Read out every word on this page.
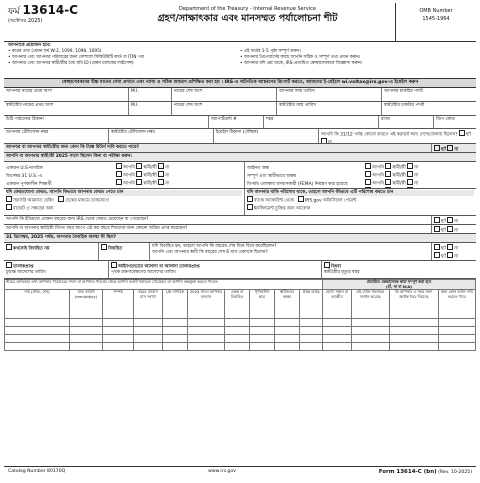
ফর্ম 13614-C
(অক্টোবর 2025)
Department of the Treasury - Internal Revenue Service
গ্রহণ/সাক্ষাৎকার এবং মানসম্মত পর্যালোচনা শীট
OMB Number
1545-1964
আপনাকে প্রয়োজন হবে:
• করের তথ্য (যেমন ফর্ম W-2, 1099, 1098, 1095)
• আপনার এবং আপনার পরিবারের জন্য সোশ্যাল সিকিউরিটি কার্ড বা ITIN পত্র
• আপনার এবং আপনার স্বামী/স্ত্রীর বৈধ ছবি ID (যেমন চালকের লাইসেন্স)
• এই ফর্মের 1-5 পৃষ্ঠা সম্পূর্ণ করুন।
• আপনার প্রিপেয়ার্সের কাছে আপনি সঠিক ও সম্পূর্ণ তথ্য প্রদান করুন।
• আপনার যদি প্রশ্ন থাকে, IRS-প্রত্যয়িত স্বেচ্ছাসেবককে জিজ্ঞাসা করুন।
স্বেচ্ছাসেবকদের উচ্চ মানের সেবা প্রদানে এবং ন্যায্য ও সঠিক আচরণ প্রশিক্ষিত করা হয় । IRS-এ অনৈতিক আচরণের রিপোর্ট করতে, আমাদের ই-মেইলে wi.voltax@irs.gov-এ ইমেইল করুন
আপনার নামের প্রথম অংশ	M.I.	নামের শেষ অংশ	আপনার জন্ম তারিখ	আপনার চাকরির পদবী
স্বামী/স্ত্রীর নামের প্রথম অংশ	M.I.	নামের শেষ অংশ	স্বামী/স্ত্রীর জন্ম তারিখ	স্বামী/স্ত্রীর চাকরির পদবী
চিঠি পাঠানোর ঠিকানা	অ্যাপার্টমেন্ট #	শহর	রাজ্য	জিপ কোড
আপনার টেলিফোন নম্বর	স্বামী/স্ত্রীর টেলিফোন নম্বর	ইমেইল ঠিকানা (ঐচ্ছিক)	আপনি কি 31/12 পর্যন্ত কোনো কারণে এই করবর্ষে অন্য দেশে/জেলায় ছিলেন? হ্যাঁ না
আপনার বা আপনার স্বামী/স্ত্রীর জন্য কোন কি ট্যাক্স রিটার্ন দাবি করতে পারে?	হ্যাঁ না
আপনি বা আপনার স্বামী/স্ত্রী 2025 সালে ছিলেন কিনা বা পরীক্ষা করুন:
একজন U.S নাগরিক	আপনি স্বামী/স্ত্রী না
ডিসেম্বর 31 U.S.-এ	আপনি স্বামী/স্ত্রী না
একজন পূর্ণকালীন শিক্ষার্থী	আপনি স্বামী/স্ত্রী না
আইনত অন্ধ	আপনি স্বামী/স্ত্রী না
সম্পূর্ণ এবং স্থায়ীভাবে অক্ষম	আপনি স্বামী/স্ত্রী না
বিপর্যয় এলাকায় বসবাসকারী (FEMA) নিয়ন্ত্রণ করা হয়েছে	আপনি স্বামী/স্ত্রী না

যদি ফেরতযোগ্য ফেরত, আপনি কিভাবে আপনার ফেরত পেতে চান
সরাসরি আমানত চেকিং	চেকের মাধ্যমে ডাকযোগে
বাজেট ও সঞ্চয়ের জন্য
যদি আপনার বাকি পরিশোধ থাকে, তাহলে আপনি কীভাবে এটি পরিশোধ করতে চান
ব্যাংক অ্যাকাউন্ট থেকে	IRS.gov অফিসিয়াল পেমেন্ট
ইনস্টলমেন্ট চুক্তির জন্য আবেদন
আপনি কি ইতিমধ্যে প্রাক্তন বছরের জন্য IRS থেকে ফেরত চেয়েছেন বা পেয়েছেন?	হ্যাঁ না
আপনি বা আপনার স্বামী/স্ত্রী বিগত বছর আগে এই কর বছরে শিশুদের জন্য কোনো অগ্রিম প্রাপ্ত করেছেন?	হ্যাঁ না
31 ডিসেম্বর, 2025 পর্যন্ত, আপনার বৈবাহিক অবস্থা কী ছিল?
কখনোই বিবাহিত নয়	বিবাহিত	যদি বিবাহিত হন, তাহলে আপনি কি বছরের শেষ দিনে বিয়ে করেছিলেন?
আপনি এবং আপনার স্বামী কি বছরের শেষ 6 মাস একসঙ্গে ছিলেন?
হ্যাঁ না
হ্যাঁ না
তালাকপ্রাপ্ত
চূড়ান্ত আদেশের তারিখ
আইনগতভাবে আলাদা বা আলাদা তালাকপ্রাপ্ত
পৃথক রক্ষণাবেক্ষণের আদেশের তারিখ
বিধবা
স্বামী/স্ত্রীর মৃত্যুর বছর
নীচের তালিকার তথ্য আপনার পরিবারের সদস্য বা আপনার পরিবার থেকে আপনি কতটি সহায়তা পেয়েছেন তা আপনি অন্তর্ভুক্ত করতে পারেন:										প্রত্যয়িত স্বেচ্ছাসেবক দ্বারা সম্পূর্ণ করা হবে
(হাঁ, না বা N/A)			
নাম (প্রথম, শেষ)	জন্ম তারিখ (mm/dd/yy)	সম্পর্ক	বছরে বসবাস মাস সংখ্যা	US নাগরিক	2025 সালে আপনার বসবাস	একক বা বিবাহিত	পূর্ণকালীন ছাত্র	স্থায়ীভাবে অক্ষম	ITIN আছে	যোগ্য সন্তান বা আত্মীয়	এই ব্যক্তি নিজেকে সমর্থন করেছে	কি আপনার এ সময় জন্য অর্ধেক খরচ দিয়েছে	অন্য কোন ব্যক্তি দাবি করতে পারে

Catalog Number 80170Q	www.irs.gov	Form 13614-C (bn) (Rev. 10-2025)
